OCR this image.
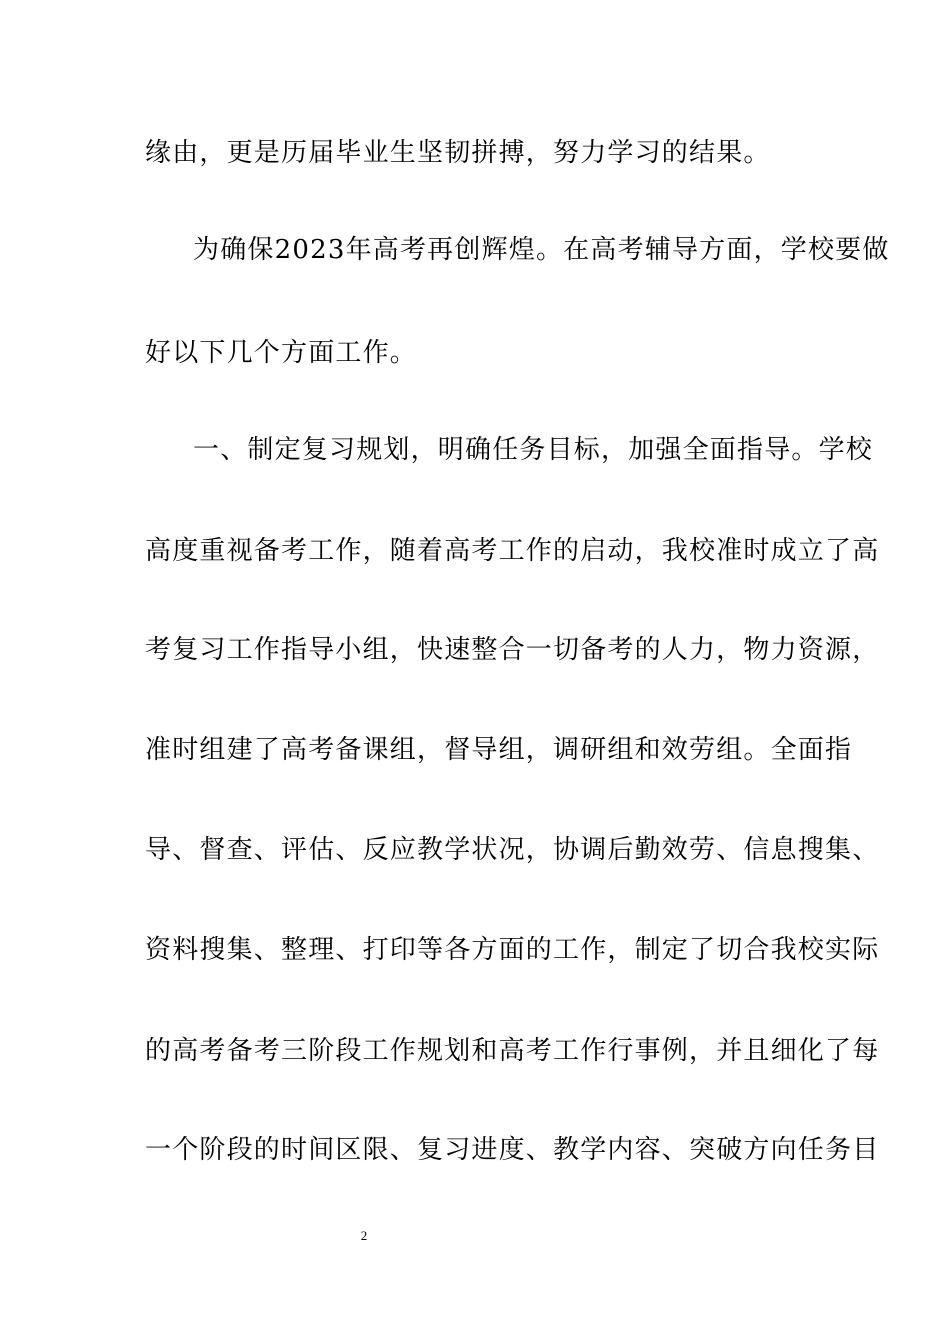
缘由，更是历届毕业生坚韧拼搏，努力学习的结果。
为确保2023年高考再创辉煌。在高考辅导方面，学校要做
好以下几个方面工作。
一、制定复习规划，明确任务目标，加强全面指导。学校
高度重视备考工作，随着高考工作的启动，我校准时成立了高
考复习工作指导小组，快速整合一切备考的人力，物力资源，
准时组建了高考备课组，督导组，调研组和效劳组。全面指
导、督查、评估、反应教学状况，协调后勤效劳、信息搜集、
资料搜集、整理、打印等各方面的工作，制定了切合我校实际
的高考备考三阶段工作规划和高考工作行事例，并且细化了每
一个阶段的时间区限、复习进度、教学内容、突破方向任务目
2
